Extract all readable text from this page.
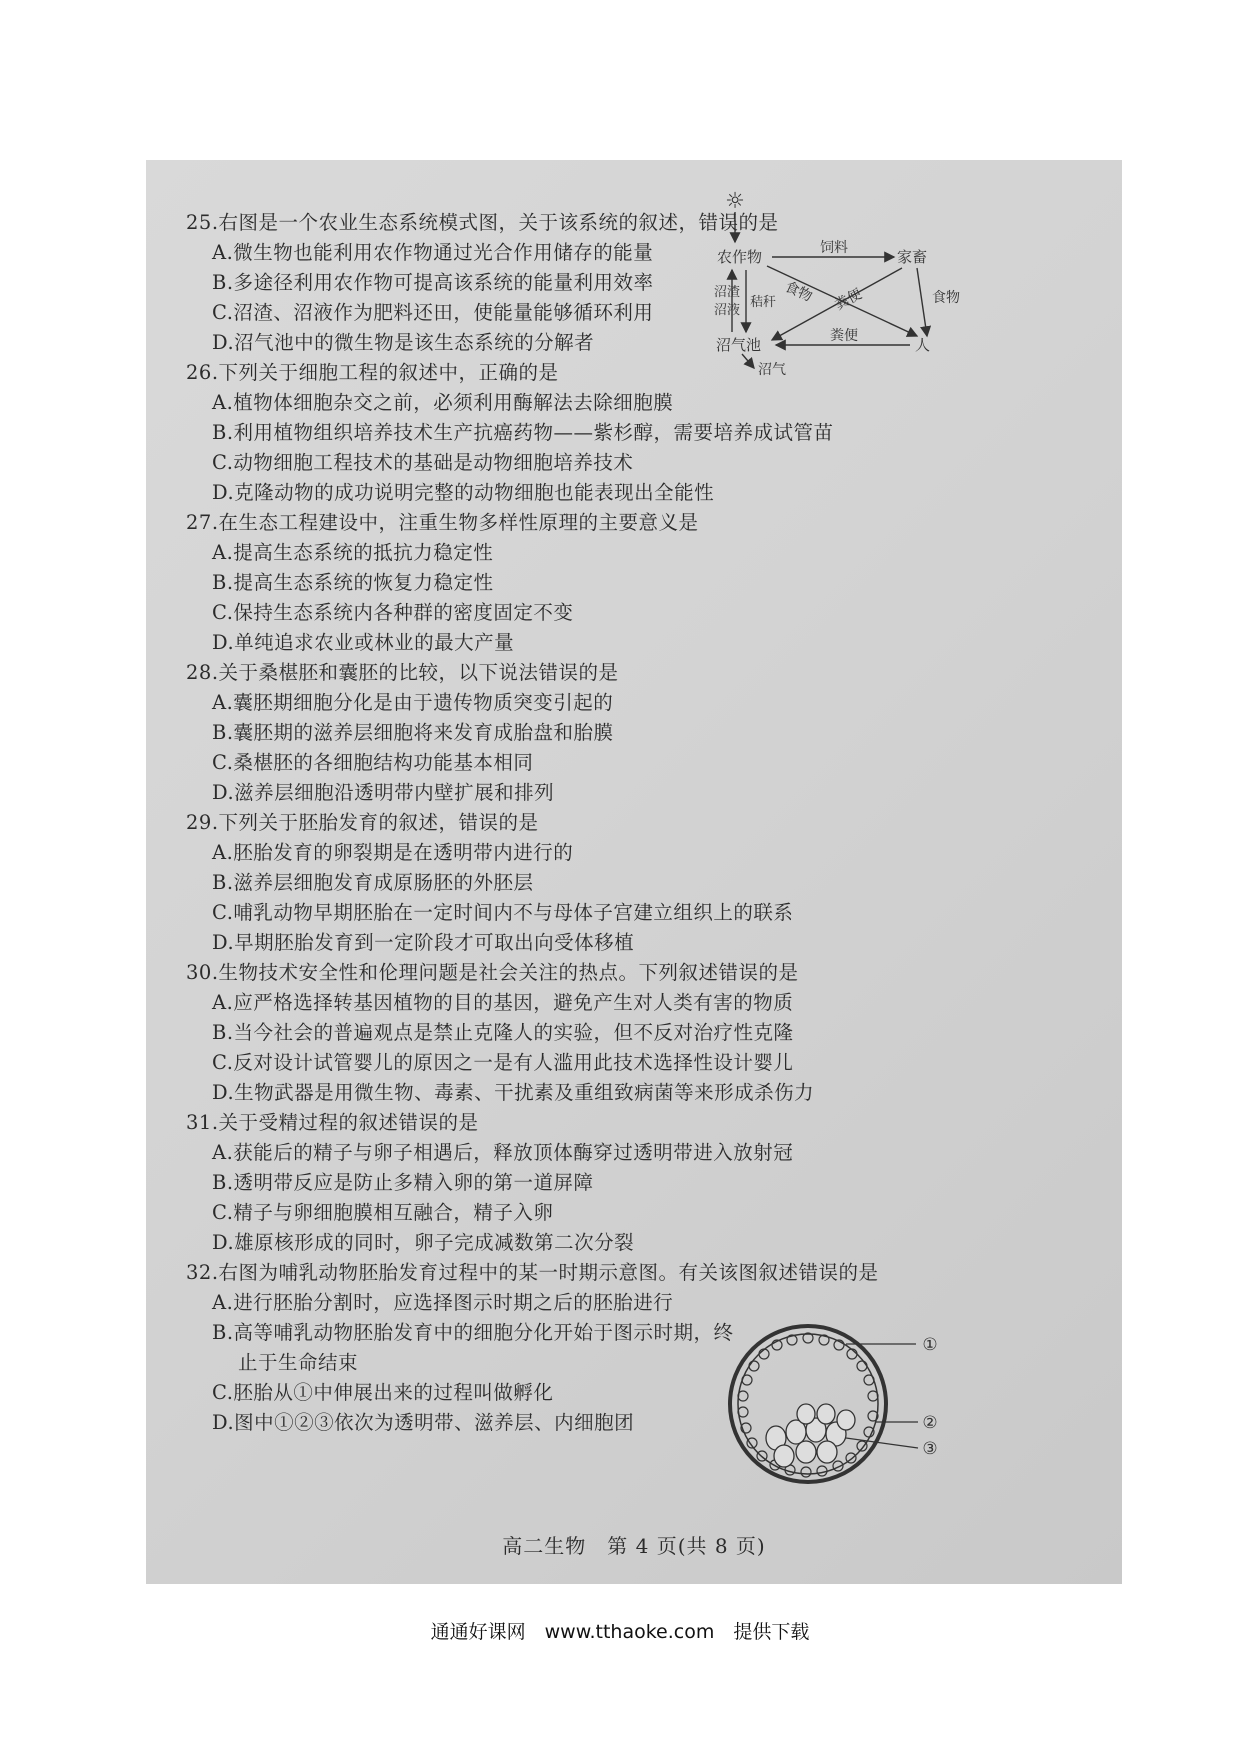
25.右图是一个农业生态系统模式图，关于该系统的叙述，错误的是

A.微生物也能利用农作物通过光合作用储存的能量

B.多途径利用农作物可提高该系统的能量利用效率

C.沼渣、沼液作为肥料还田，使能量能够循环利用

D.沼气池中的微生物是该生态系统的分解者

26.下列关于细胞工程的叙述中，正确的是

A.植物体细胞杂交之前，必须利用酶解法去除细胞膜

B.利用植物组织培养技术生产抗癌药物——紫杉醇，需要培养成试管苗

C.动物细胞工程技术的基础是动物细胞培养技术

D.克隆动物的成功说明完整的动物细胞也能表现出全能性

27.在生态工程建设中，注重生物多样性原理的主要意义是

A.提高生态系统的抵抗力稳定性

B.提高生态系统的恢复力稳定性

C.保持生态系统内各种群的密度固定不变

D.单纯追求农业或林业的最大产量

28.关于桑椹胚和囊胚的比较，以下说法错误的是

A.囊胚期细胞分化是由于遗传物质突变引起的

B.囊胚期的滋养层细胞将来发育成胎盘和胎膜

C.桑椹胚的各细胞结构功能基本相同

D.滋养层细胞沿透明带内壁扩展和排列

29.下列关于胚胎发育的叙述，错误的是

A.胚胎发育的卵裂期是在透明带内进行的

B.滋养层细胞发育成原肠胚的外胚层

C.哺乳动物早期胚胎在一定时间内不与母体子宫建立组织上的联系

D.早期胚胎发育到一定阶段才可取出向受体移植

30.生物技术安全性和伦理问题是社会关注的热点。下列叙述错误的是

A.应严格选择转基因植物的目的基因，避免产生对人类有害的物质

B.当今社会的普遍观点是禁止克隆人的实验，但不反对治疗性克隆

C.反对设计试管婴儿的原因之一是有人滥用此技术选择性设计婴儿

D.生物武器是用微生物、毒素、干扰素及重组致病菌等来形成杀伤力

31.关于受精过程的叙述错误的是

A.获能后的精子与卵子相遇后，释放顶体酶穿过透明带进入放射冠

B.透明带反应是防止多精入卵的第一道屏障

C.精子与卵细胞膜相互融合，精子入卵

D.雄原核形成的同时，卵子完成减数第二次分裂

32.右图为哺乳动物胚胎发育过程中的某一时期示意图。有关该图叙述错误的是

A.进行胚胎分割时，应选择图示时期之后的胚胎进行

B.高等哺乳动物胚胎发育中的细胞分化开始于图示时期，终

止于生命结束

C.胚胎从①中伸展出来的过程叫做孵化

D.图中①②③依次为透明带、滋养层、内细胞团

☼
农作物	家畜
人
沼气池
饲料
食物 粪便	食物
粪便
沼渣
沼液
秸秆
沼气
①
②
③
高二生物　第 4 页(共 8 页)
通通好课网　www.tthaoke.com　提供下载
